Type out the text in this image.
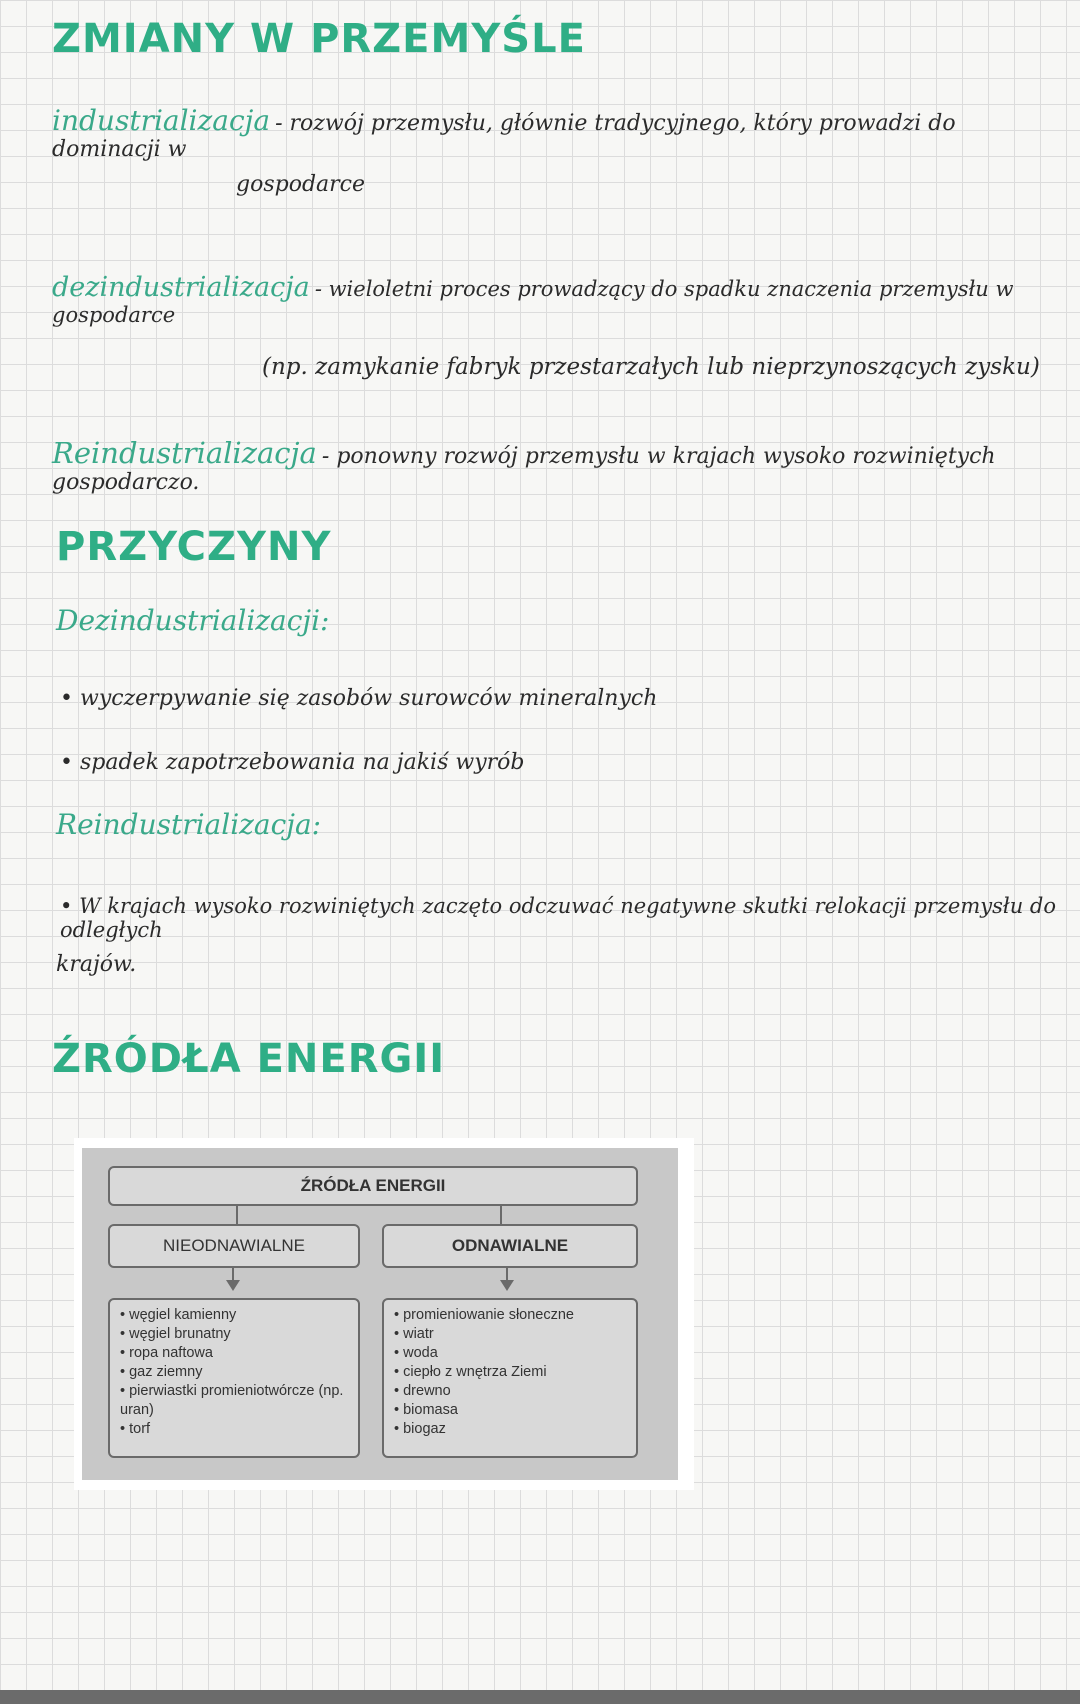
ZMIANY W PRZEMYŚLE
industrializacja - rozwój przemysłu, głównie tradycyjnego, który prowadzi do dominacji w
gospodarce
dezindustrializacja - wieloletni proces prowadzący do spadku znaczenia przemysłu w gospodarce
(np. zamykanie fabryk przestarzałych lub nieprzynoszących zysku)
Reindustrializacja - ponowny rozwój przemysłu w krajach wysoko rozwiniętych gospodarczo.
PRZYCZYNY
Dezindustrializacji:
• wyczerpywanie się zasobów surowców mineralnych
• spadek zapotrzebowania na jakiś wyrób
Reindustrializacja:
• W krajach wysoko rozwiniętych zaczęto odczuwać negatywne skutki relokacji przemysłu do odległych
krajów.
ŹRÓDŁA ENERGII
ŹRÓDŁA ENERGII
NIEODNAWIALNE	ODNAWIALNE
• węgiel kamienny
• węgiel brunatny
• ropa naftowa
• gaz ziemny
• pierwiastki promieniotwórcze (np. uran)
• torf
• promieniowanie słoneczne
• wiatr
• woda
• ciepło z wnętrza Ziemi
• drewno
• biomasa
• biogaz
